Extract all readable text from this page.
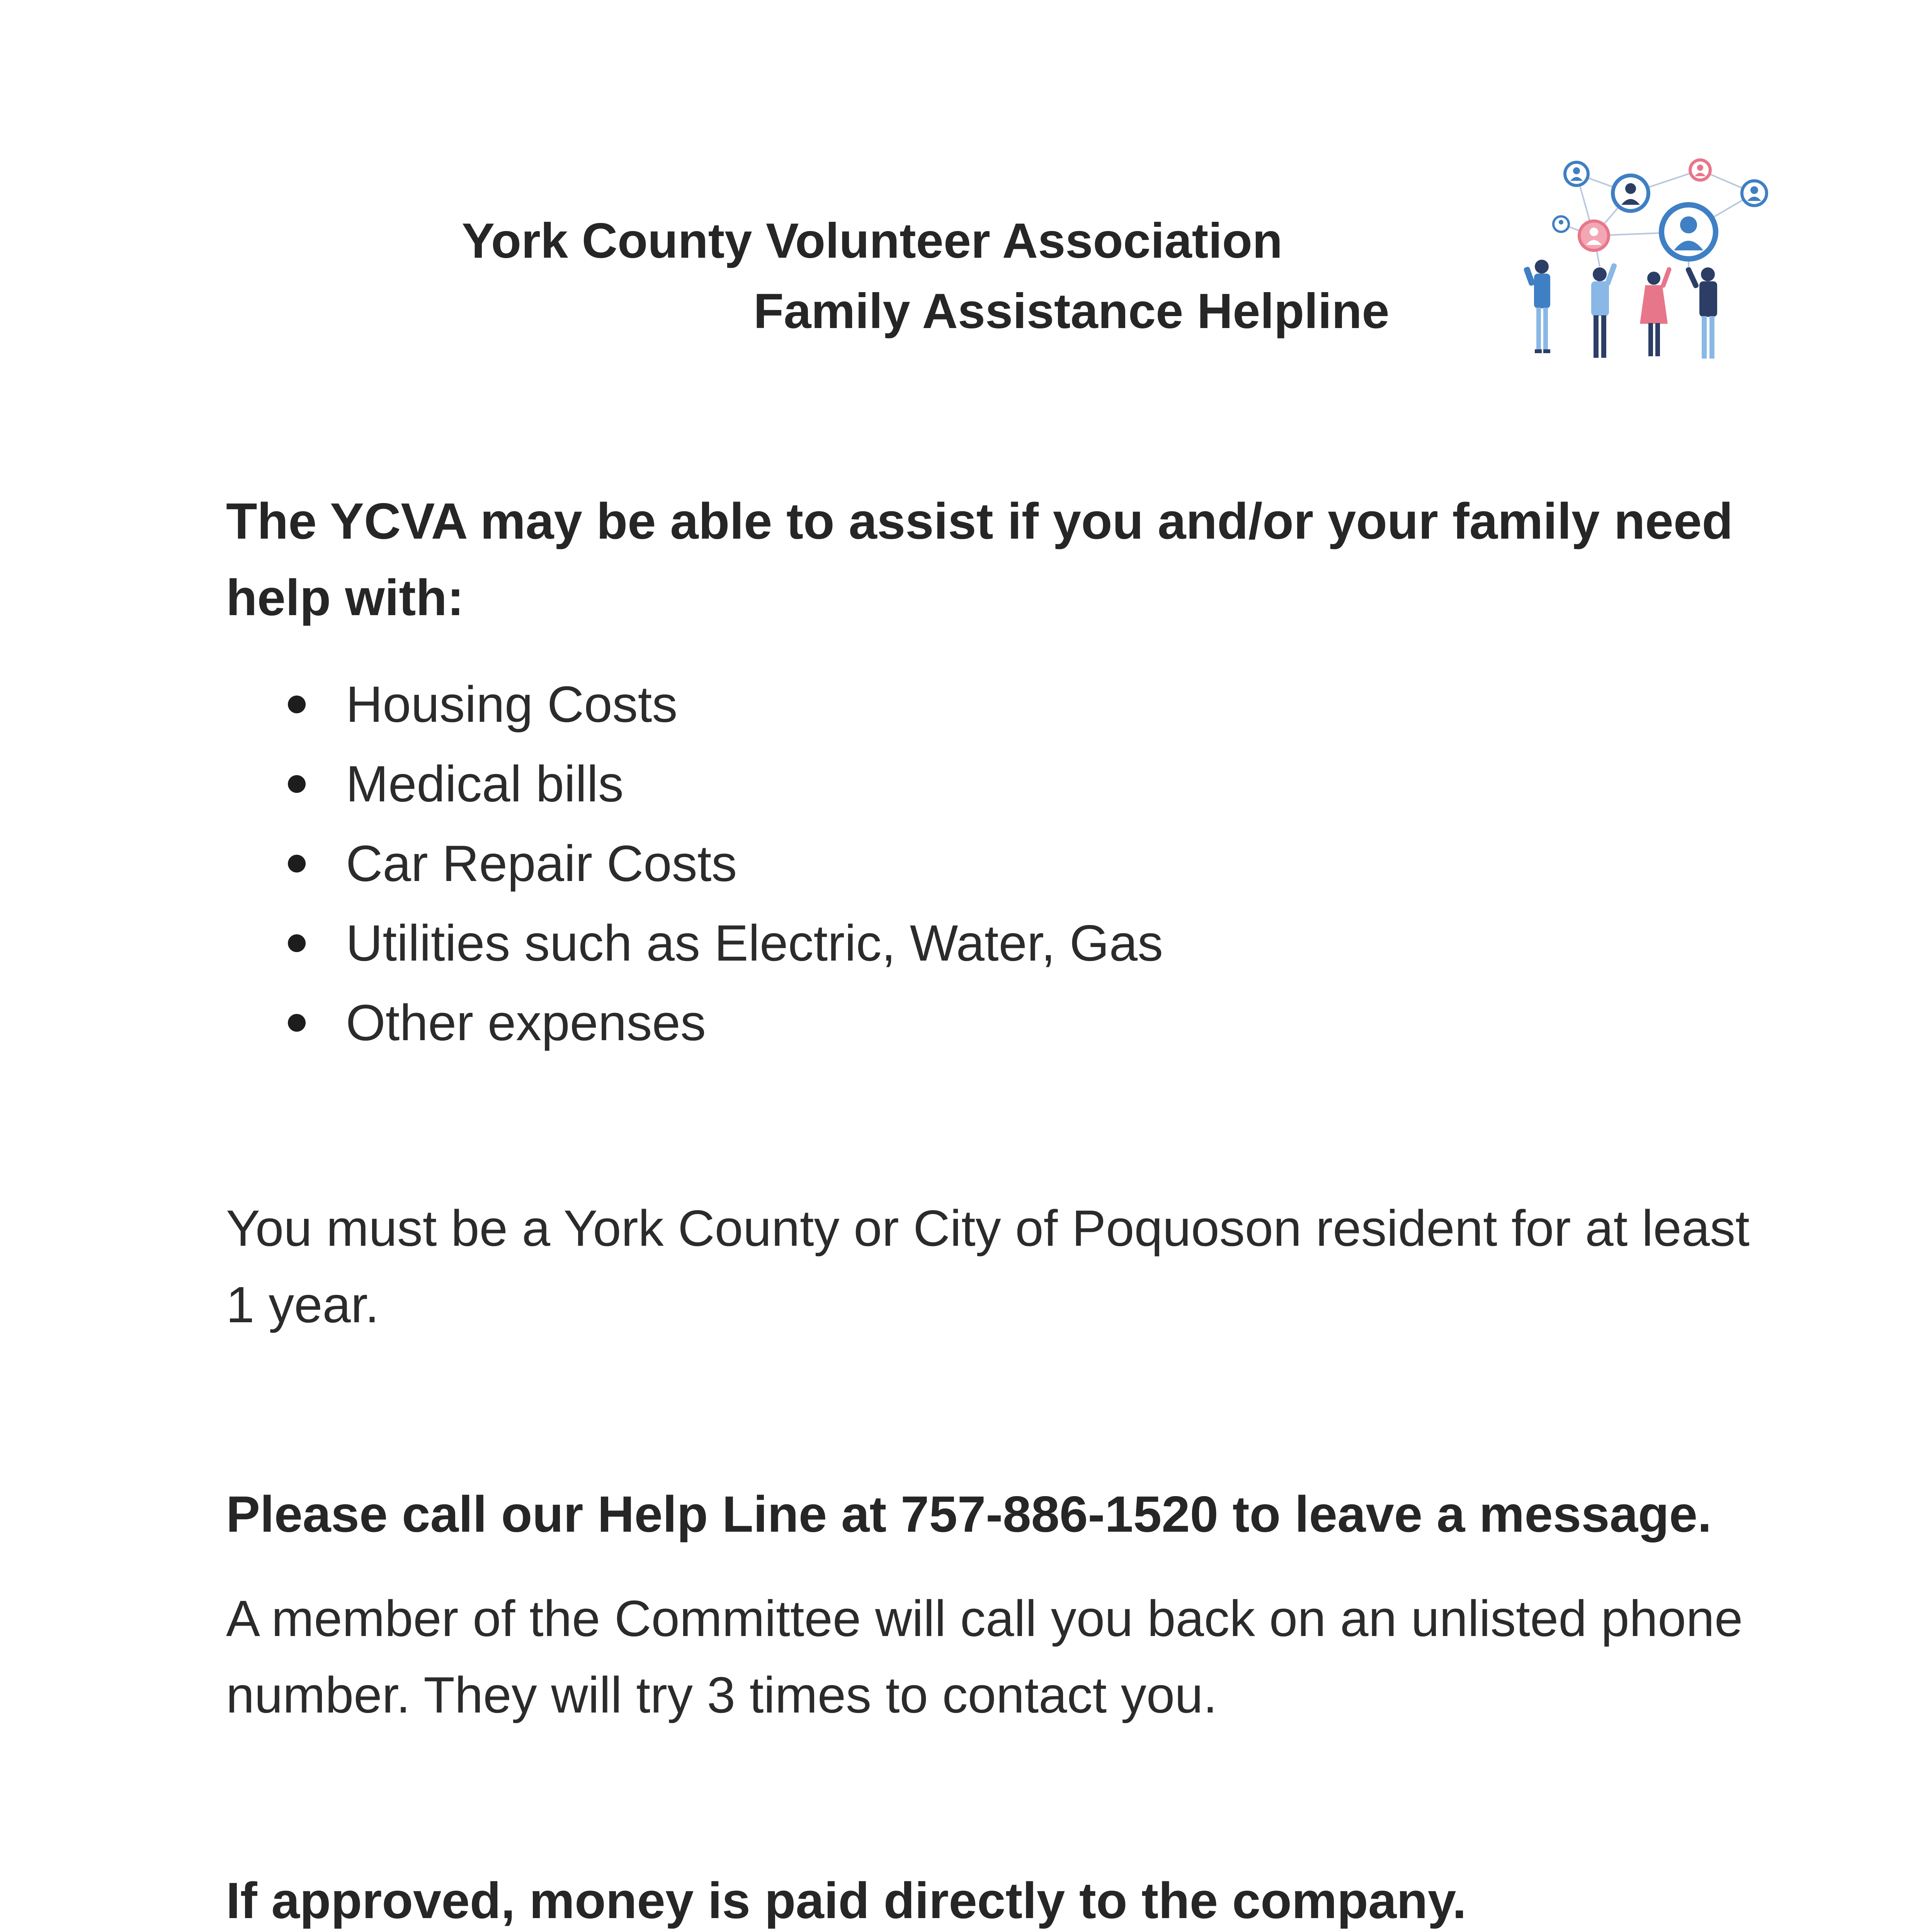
York County Volunteer Association
Family Assistance Helpline

The YCVA may be able to assist if you and/or your family need help with:

Housing Costs
Medical bills
Car Repair Costs
Utilities such as Electric, Water, Gas
Other expenses

You must be a York County or City of Poquoson resident for at least 1 year.

Please call our Help Line at 757-886-1520 to leave a message.

A member of the Committee will call you back on an unlisted phone number. They will try 3 times to contact you.

If approved, money is paid directly to the company.
